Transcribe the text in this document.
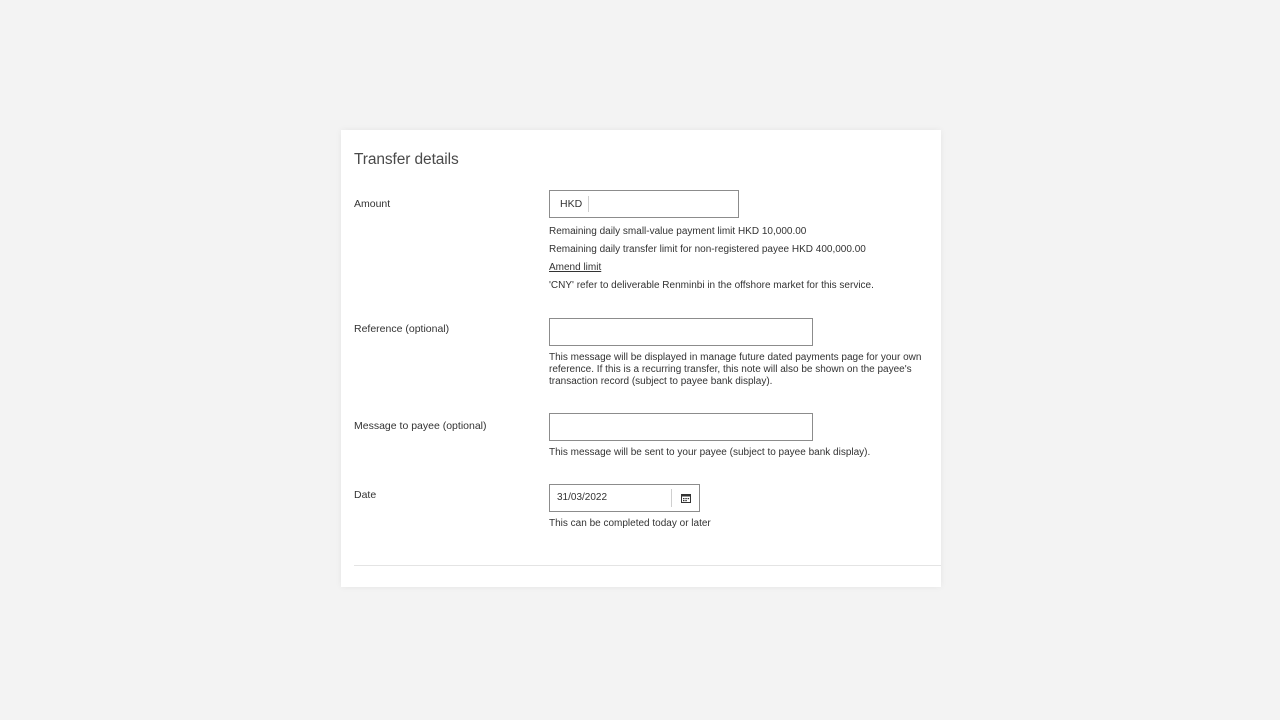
Transfer details
Amount	HKD
Remaining daily small-value payment limit HKD 10,000.00
Remaining daily transfer limit for non-registered payee HKD 400,000.00
Amend limit
'CNY' refer to deliverable Renminbi in the offshore market for this service.
Reference (optional)
This message will be displayed in manage future dated payments page for your own reference. If this is a recurring transfer, this note will also be shown on the payee's transaction record (subject to payee bank display).
Message to payee (optional)
This message will be sent to your payee (subject to payee bank display).
Date	31/03/2022
This can be completed today or later
